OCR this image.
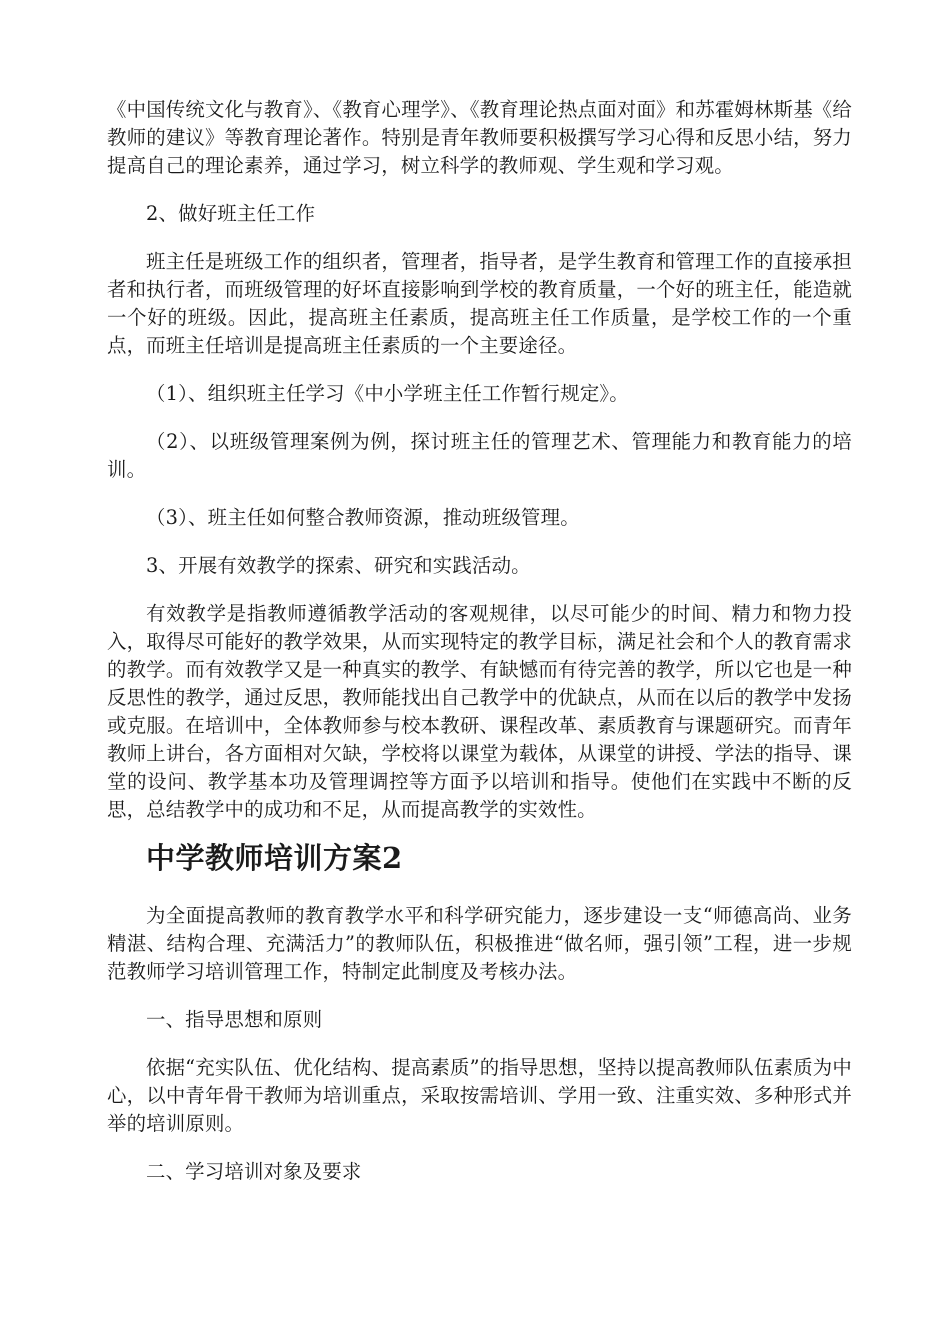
《中国传统文化与教育》、《教育心理学》、《教育理论热点面对面》和苏霍姆林斯基《给教师的建议》等教育理论著作。特别是青年教师要积极撰写学习心得和反思小结，努力提高自己的理论素养，通过学习，树立科学的教师观、学生观和学习观。

2、做好班主任工作

班主任是班级工作的组织者，管理者，指导者，是学生教育和管理工作的直接承担者和执行者，而班级管理的好坏直接影响到学校的教育质量，一个好的班主任，能造就一个好的班级。因此，提高班主任素质，提高班主任工作质量，是学校工作的一个重点，而班主任培训是提高班主任素质的一个主要途径。

（1）、组织班主任学习《中小学班主任工作暂行规定》。

（2）、以班级管理案例为例，探讨班主任的管理艺术、管理能力和教育能力的培训。

（3）、班主任如何整合教师资源，推动班级管理。

3、开展有效教学的探索、研究和实践活动。

有效教学是指教师遵循教学活动的客观规律，以尽可能少的时间、精力和物力投入，取得尽可能好的教学效果，从而实现特定的教学目标，满足社会和个人的教育需求的教学。而有效教学又是一种真实的教学、有缺憾而有待完善的教学，所以它也是一种反思性的教学，通过反思，教师能找出自己教学中的优缺点，从而在以后的教学中发扬或克服。在培训中，全体教师参与校本教研、课程改革、素质教育与课题研究。而青年教师上讲台，各方面相对欠缺，学校将以课堂为载体，从课堂的讲授、学法的指导、课堂的设问、教学基本功及管理调控等方面予以培训和指导。使他们在实践中不断的反思，总结教学中的成功和不足，从而提高教学的实效性。

中学教师培训方案2

为全面提高教师的教育教学水平和科学研究能力，逐步建设一支“师德高尚、业务精湛、结构合理、充满活力”的教师队伍，积极推进“做名师，强引领”工程，进一步规范教师学习培训管理工作，特制定此制度及考核办法。

一、指导思想和原则

依据“充实队伍、优化结构、提高素质”的指导思想，坚持以提高教师队伍素质为中心，以中青年骨干教师为培训重点，采取按需培训、学用一致、注重实效、多种形式并举的培训原则。

二、学习培训对象及要求
